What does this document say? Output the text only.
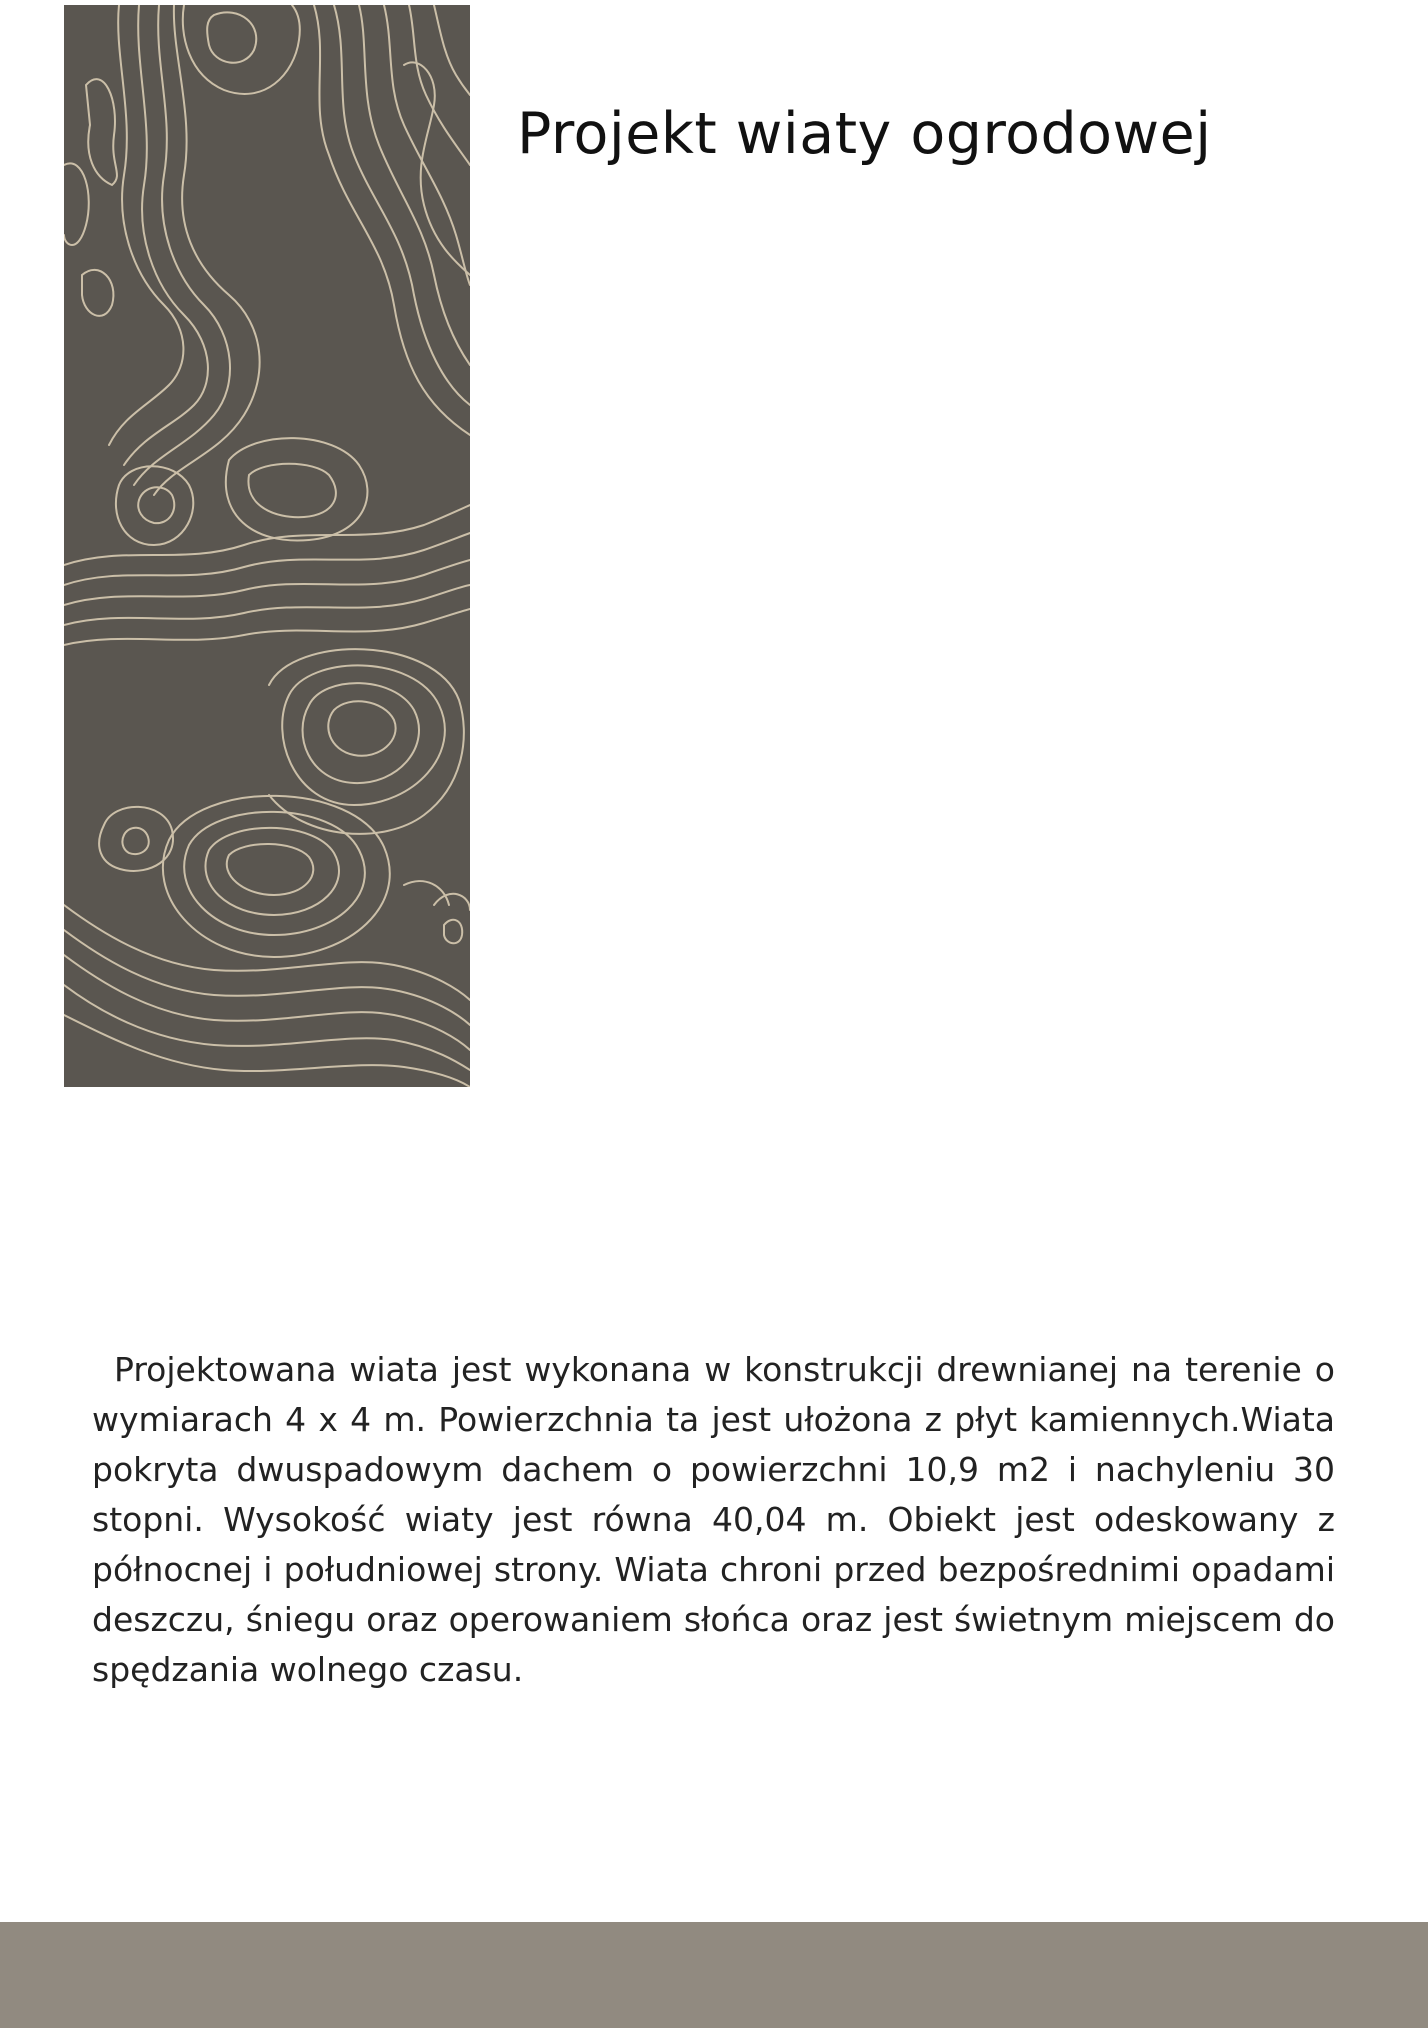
Projekt wiaty ogrodowej

Projektowana wiata jest wykonana w konstrukcji drewnianej na terenie o wymiarach 4 x 4 m. Powierzchnia ta jest ułożona z płyt kamiennych.Wiata pokryta dwuspadowym dachem o powierzchni 10,9 m2 i nachyleniu 30 stopni. Wysokość wiaty jest równa 40,04 m. Obiekt jest odeskowany z północnej i południowej strony. Wiata chroni przed bezpośrednimi opadami deszczu, śniegu oraz operowaniem słońca oraz jest świetnym miejscem do spędzania wolnego czasu.
